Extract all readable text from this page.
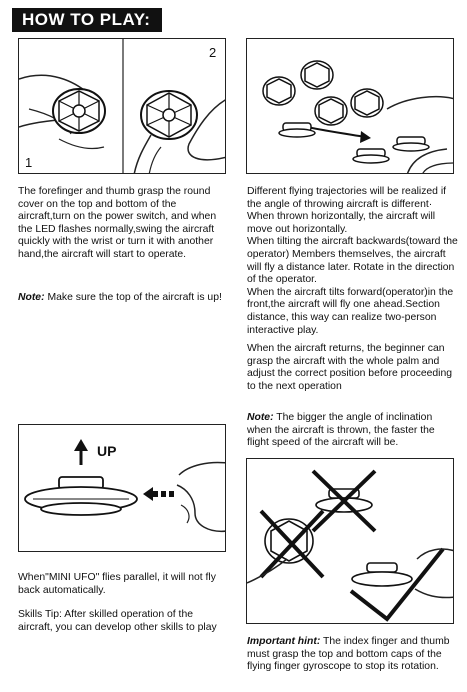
HOW TO PLAY:
1
2

The forefinger and thumb grasp the round cover on the top and bottom of the aircraft,turn on the power switch, and when the LED flashes normally,swing the aircraft quickly with the wrist or turn it with another hand,the aircraft will start to operate.

Note: Make sure the top of the aircraft is up!

Different flying trajectories will be realized if the angle of throwing aircraft is different·

When thrown horizontally, the aircraft will move out horizontally.

When tilting the aircraft backwards(toward the operator) Members themselves, the aircraft will fly a distance later. Rotate in the direction of the operator.

When the aircraft tilts forward(operator)in the front,the aircraft will fly one ahead.Section distance, this way can realize two-person interactive play.

When the aircraft returns, the beginner can grasp the aircraft with the whole palm and adjust the correct position before proceeding to the next operation

Note: The bigger the angle of inclination when the aircraft is thrown, the faster the flight speed of the aircraft will be.

UP

When"MINI UFO" flies parallel, it will not fly back automatically.

Skills Tip: After skilled operation of the aircraft, you can develop other skills to play

Important hint: The index finger and thumb must grasp the top and bottom caps of the flying finger gyroscope to stop its rotation.
